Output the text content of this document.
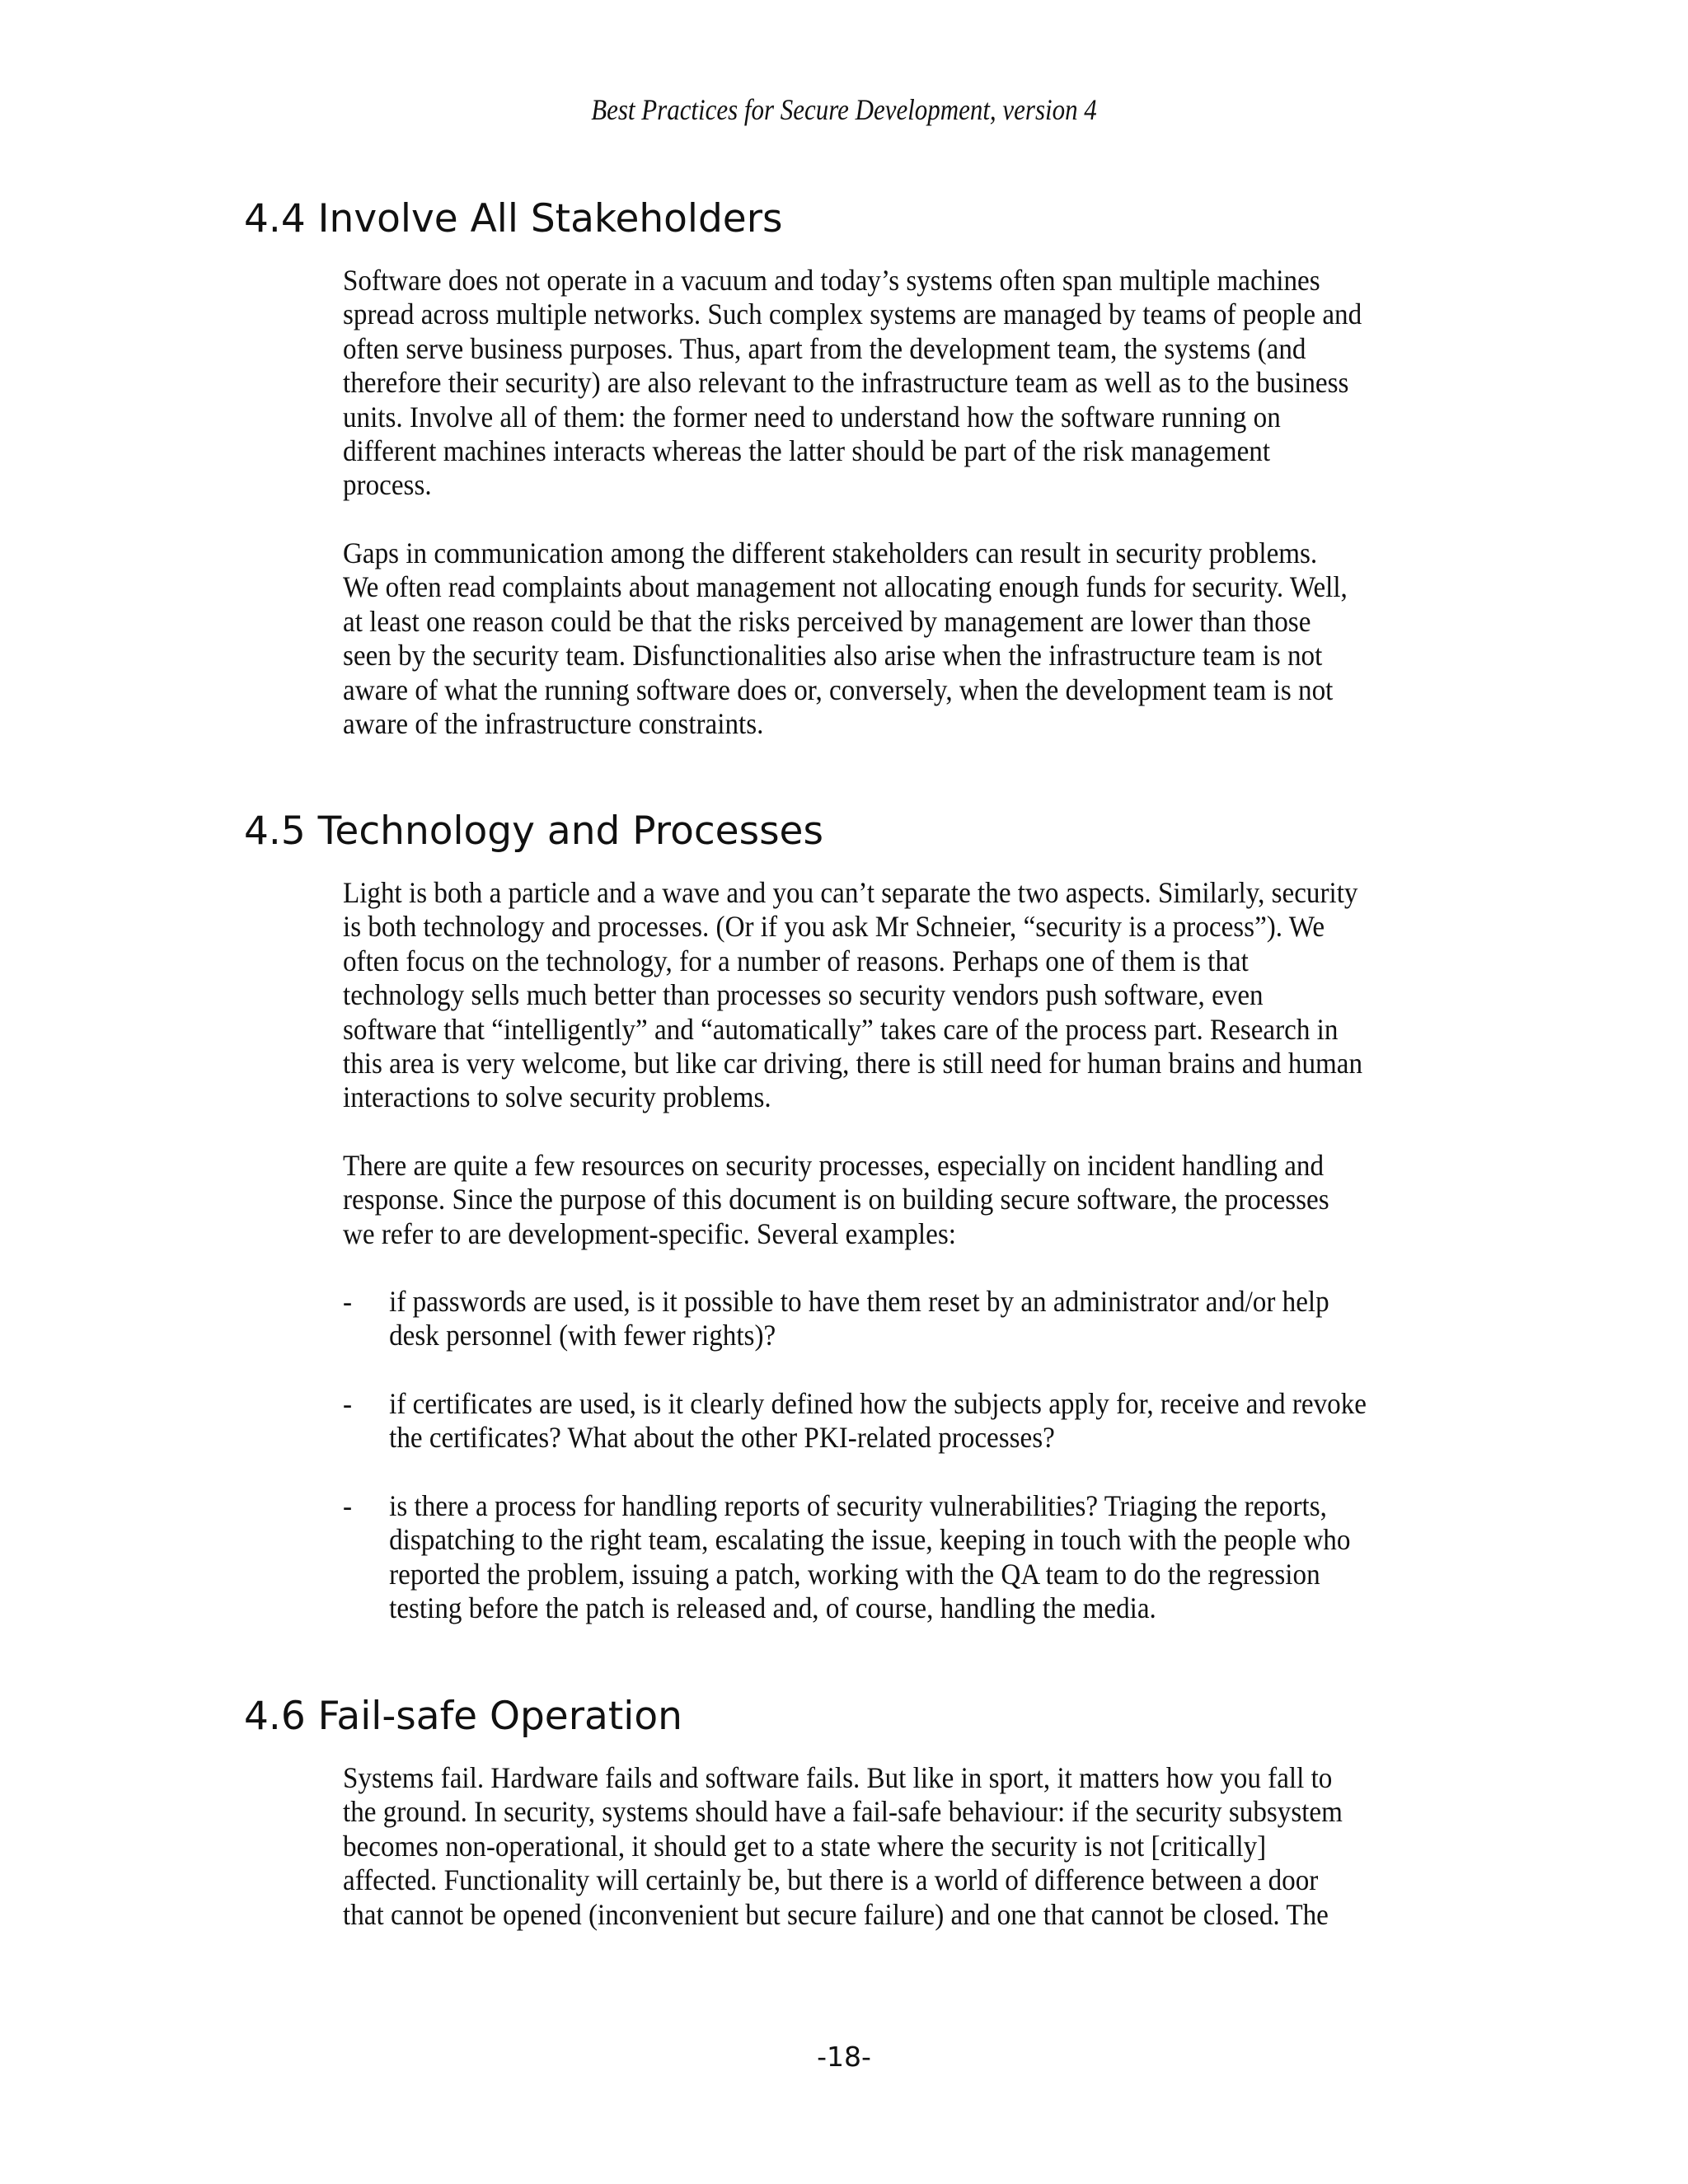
Best Practices for Secure Development, version 4
4.4 Involve All Stakeholders

Software does not operate in a vacuum and today’s systems often span multiple machines
spread across multiple networks. Such complex systems are managed by teams of people and
often serve business purposes. Thus, apart from the development team, the systems (and
therefore their security) are also relevant to the infrastructure team as well as to the business
units. Involve all of them: the former need to understand how the software running on
different machines interacts whereas the latter should be part of the risk management
process.

Gaps in communication among the different stakeholders can result in security problems.
We often read complaints about management not allocating enough funds for security. Well,
at least one reason could be that the risks perceived by management are lower than those
seen by the security team. Disfunctionalities also arise when the infrastructure team is not
aware of what the running software does or, conversely, when the development team is not
aware of the infrastructure constraints.

4.5 Technology and Processes

Light is both a particle and a wave and you can’t separate the two aspects. Similarly, security
is both technology and processes. (Or if you ask Mr Schneier, “security is a process”). We
often focus on the technology, for a number of reasons. Perhaps one of them is that
technology sells much better than processes so security vendors push software, even
software that “intelligently” and “automatically” takes care of the process part. Research in
this area is very welcome, but like car driving, there is still need for human brains and human
interactions to solve security problems.

There are quite a few resources on security processes, especially on incident handling and
response. Since the purpose of this document is on building secure software, the processes
we refer to are development-specific. Several examples:

- if passwords are used, is it possible to have them reset by an administrator and/or help
desk personnel (with fewer rights)?
- if certificates are used, is it clearly defined how the subjects apply for, receive and revoke
the certificates? What about the other PKI-related processes?
- is there a process for handling reports of security vulnerabilities? Triaging the reports,
dispatching to the right team, escalating the issue, keeping in touch with the people who
reported the problem, issuing a patch, working with the QA team to do the regression
testing before the patch is released and, of course, handling the media.
4.6 Fail-safe Operation

Systems fail. Hardware fails and software fails. But like in sport, it matters how you fall to
the ground. In security, systems should have a fail-safe behaviour: if the security subsystem
becomes non-operational, it should get to a state where the security is not [critically]
affected. Functionality will certainly be, but there is a world of difference between a door
that cannot be opened (inconvenient but secure failure) and one that cannot be closed. The

-18-
